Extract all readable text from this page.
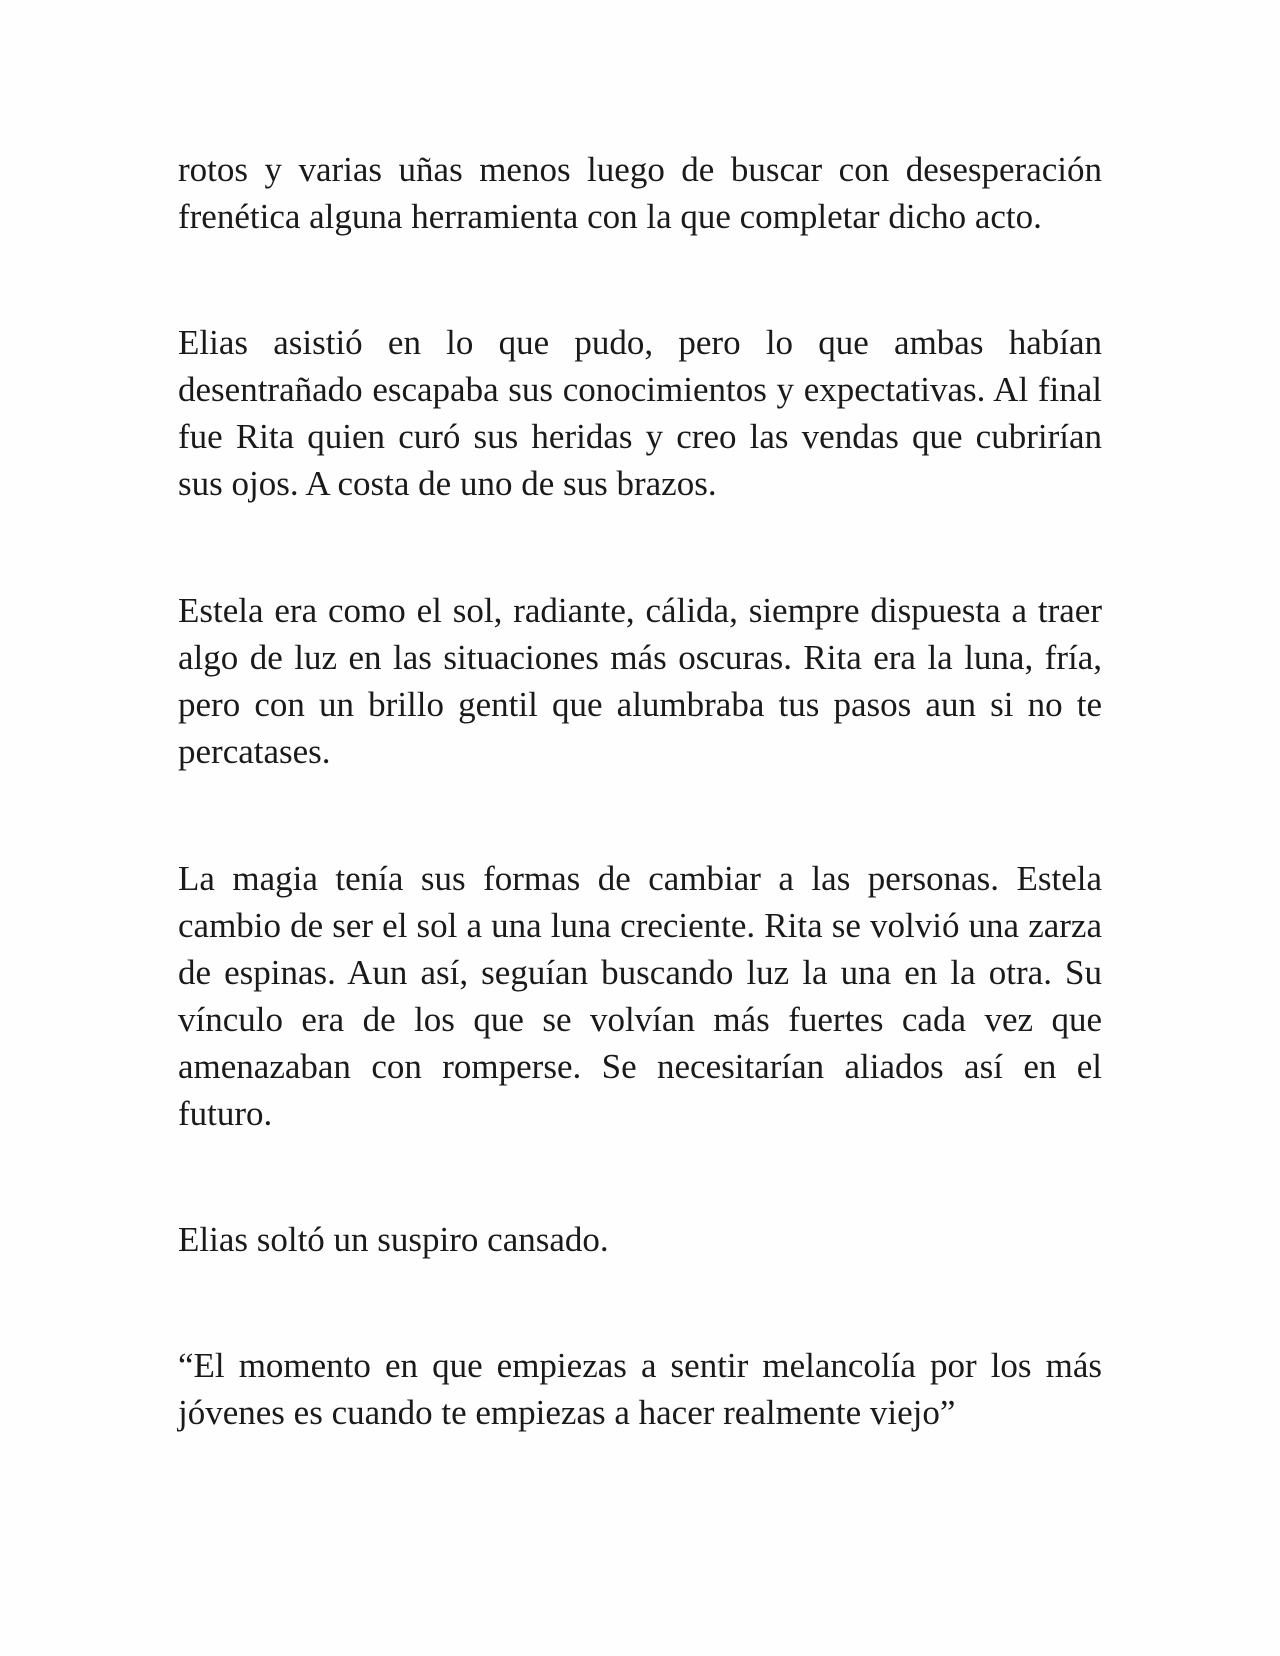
rotos y varias uñas menos luego de buscar con desesperación frenética alguna herramienta con la que completar dicho acto.

Elias asistió en lo que pudo, pero lo que ambas habían desentrañado escapaba sus conocimientos y expectativas. Al final fue Rita quien curó sus heridas y creo las vendas que cubrirían sus ojos. A costa de uno de sus brazos.

Estela era como el sol, radiante, cálida, siempre dispuesta a traer algo de luz en las situaciones más oscuras. Rita era la luna, fría, pero con un brillo gentil que alumbraba tus pasos aun si no te percatases.

La magia tenía sus formas de cambiar a las personas. Estela cambio de ser el sol a una luna creciente. Rita se volvió una zarza de espinas. Aun así, seguían buscando luz la una en la otra. Su vínculo era de los que se volvían más fuertes cada vez que amenazaban con romperse. Se necesitarían aliados así en el futuro.

Elias soltó un suspiro cansado.

“El momento en que empiezas a sentir melancolía por los más jóvenes es cuando te empiezas a hacer realmente viejo”
